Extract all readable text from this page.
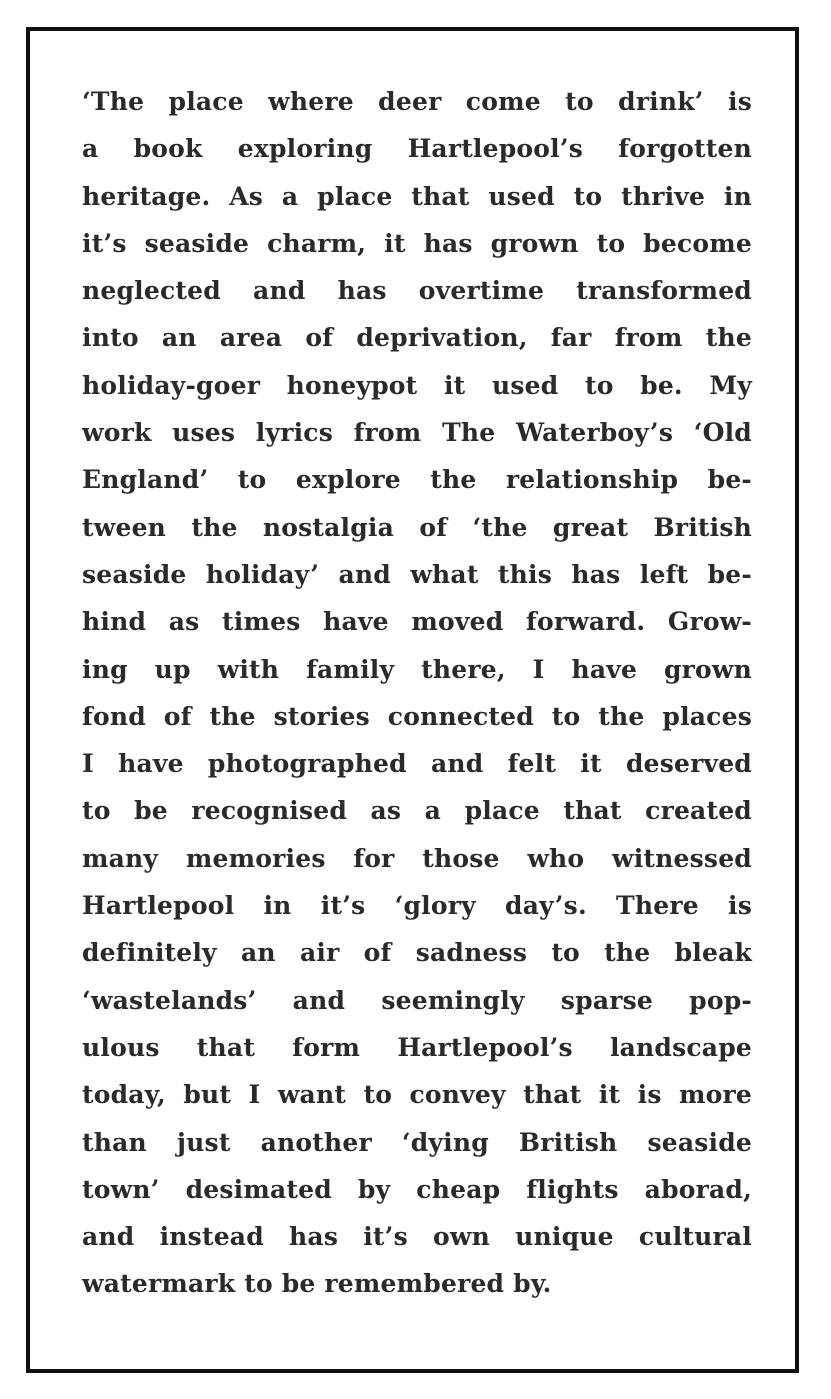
‘The place where deer come to drink’ is
a book exploring Hartlepool’s forgotten
heritage. As a place that used to thrive in
it’s seaside charm, it has grown to become
neglected and has overtime transformed
into an area of deprivation, far from the
holiday-goer honeypot it used to be. My
work uses lyrics from The Waterboy’s ‘Old
England’ to explore the relationship be-
tween the nostalgia of ‘the great British
seaside holiday’ and what this has left be-
hind as times have moved forward. Grow-
ing up with family there, I have grown
fond of the stories connected to the places
I have photographed and felt it deserved
to be recognised as a place that created
many memories for those who witnessed
Hartlepool in it’s ‘glory day’s. There is
definitely an air of sadness to the bleak
‘wastelands’ and seemingly sparse pop-
ulous that form Hartlepool’s landscape
today, but I want to convey that it is more
than just another ‘dying British seaside
town’ desimated by cheap flights aborad,
and instead has it’s own unique cultural
watermark to be remembered by.
